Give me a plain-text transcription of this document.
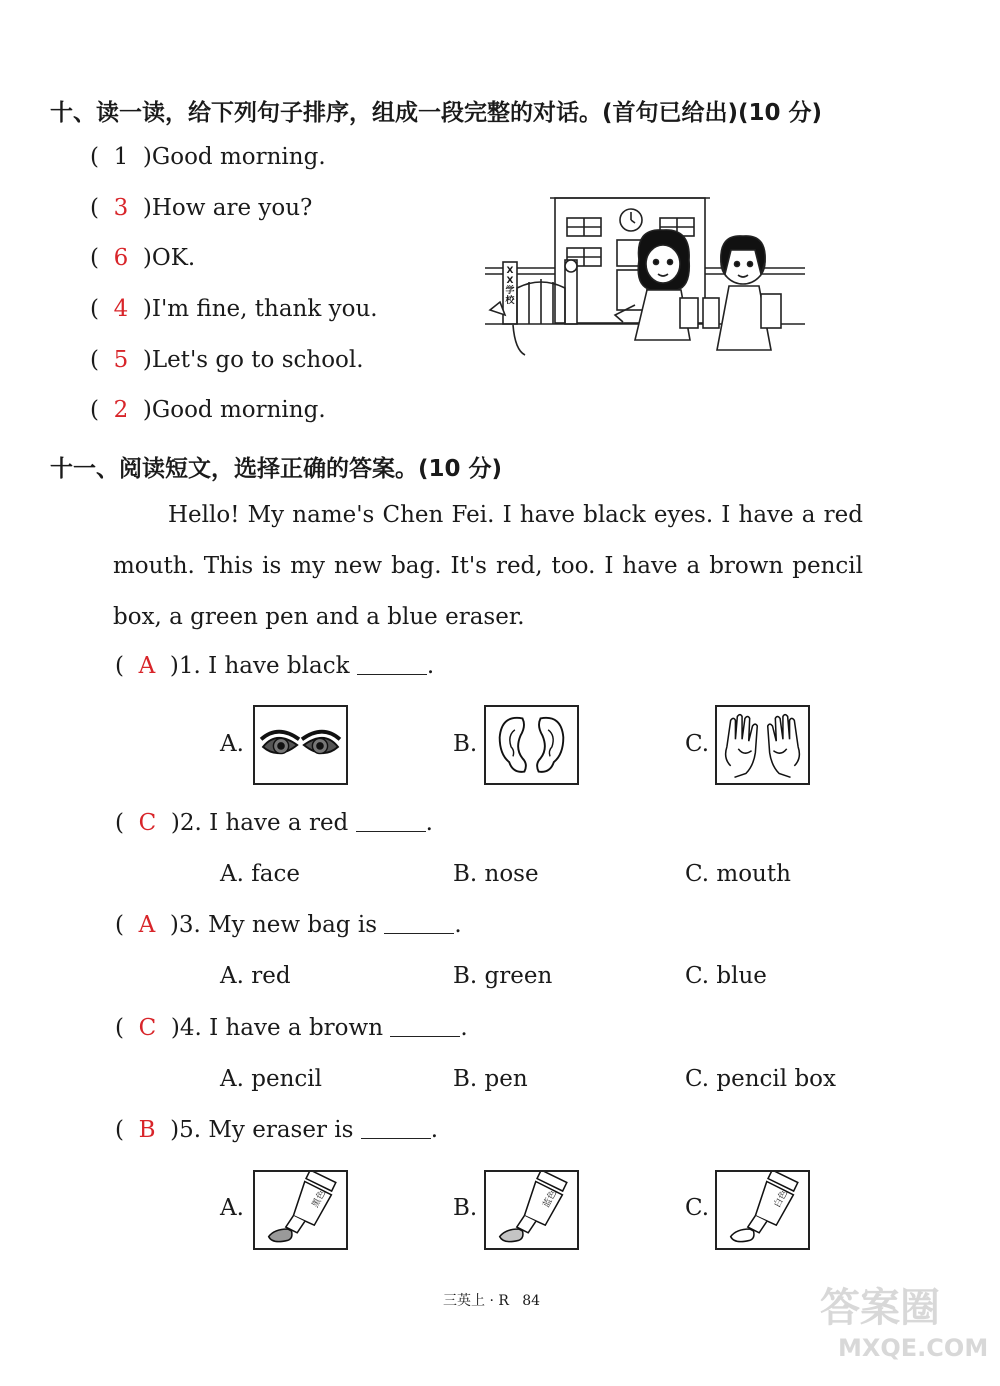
十、读一读，给下列句子排序，组成一段完整的对话。(首句已给出)(10 分)
(  1  )Good morning.
(  3  )How are you?
(  6  )OK.
(  4  )I'm fine, thank you.
(  5  )Let's go to school.
(  2  )Good morning.
XX学校
十一、阅读短文，选择正确的答案。(10 分)
Hello! My name's Chen Fei. I have black eyes. I have a red mouth. This is my new bag. It's red, too. I have a brown pencil box, a green pen and a blue eraser.
(  A  )1. I have black	.
A.	B.	C.
(  C  )2. I have a red	.
A. face	B. nose	C. mouth
(  A  )3. My new bag is	.
A. red	B. green	C. blue
(  C  )4. I have a brown	.
A. pencil	B. pen	C. pencil box
(  B  )5. My eraser is	.
A.	黑色	B.	蓝色	C.	白色
三英上 · R 84	答案圈
MXQE.COM
